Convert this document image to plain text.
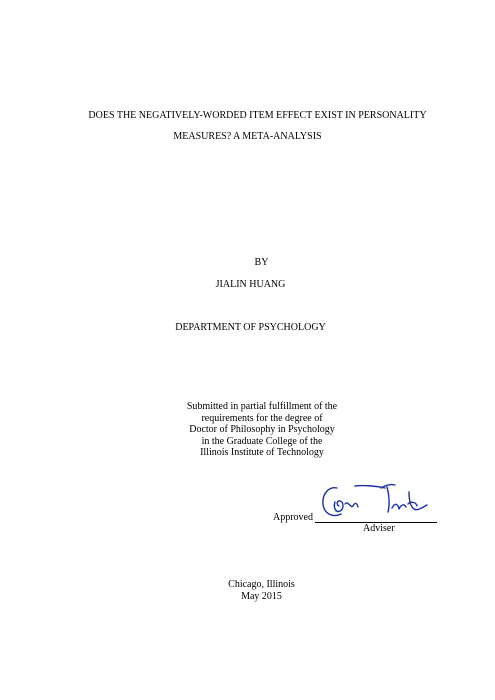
DOES THE NEGATIVELY-WORDED ITEM EFFECT EXIST IN PERSONALITY
MEASURES? A META-ANALYSIS
BY
JIALIN HUANG
DEPARTMENT OF PSYCHOLOGY
Submitted in partial fulfillment of the
requirements for the degree of
Doctor of Philosophy in Psychology
in the Graduate College of the
Illinois Institute of Technology
Approved
Adviser
Chicago, Illinois
May 2015
